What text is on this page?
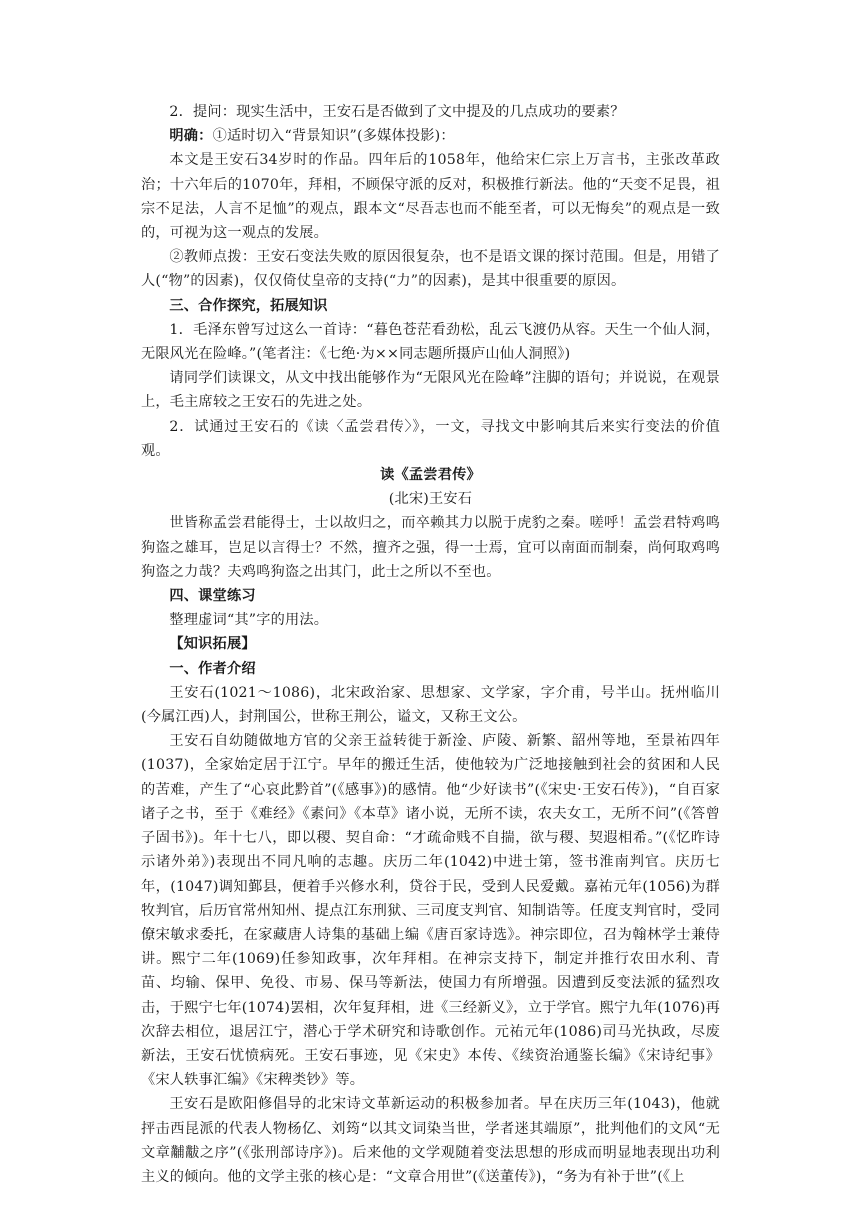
2．提问：现实生活中，王安石是否做到了文中提及的几点成功的要素？

明确：①适时切入“背景知识”(多媒体投影)：

本文是王安石34岁时的作品。四年后的1058年，他给宋仁宗上万言书，主张改革政治；十六年后的1070年，拜相，不顾保守派的反对，积极推行新法。他的“天变不足畏，祖宗不足法，人言不足恤”的观点，跟本文“尽吾志也而不能至者，可以无悔矣”的观点是一致的，可视为这一观点的发展。

②教师点拨：王安石变法失败的原因很复杂，也不是语文课的探讨范围。但是，用错了人(“物”的因素)，仅仅倚仗皇帝的支持(“力”的因素)，是其中很重要的原因。

三、合作探究，拓展知识

1．毛泽东曾写过这么一首诗：“暮色苍茫看劲松，乱云飞渡仍从容。天生一个仙人洞，无限风光在险峰。”(笔者注：《七绝·为××同志题所摄庐山仙人洞照》)

请同学们读课文，从文中找出能够作为“无限风光在险峰”注脚的语句；并说说，在观景上，毛主席较之王安石的先进之处。

2．试通过王安石的《读〈孟尝君传〉》，一文，寻找文中影响其后来实行变法的价值观。

读《孟尝君传》

(北宋)王安石

世皆称孟尝君能得士，士以故归之，而卒赖其力以脱于虎豹之秦。嗟呼！孟尝君特鸡鸣狗盗之雄耳，岂足以言得士？不然，擅齐之强，得一士焉，宜可以南面而制秦，尚何取鸡鸣狗盗之力哉？夫鸡鸣狗盗之出其门，此士之所以不至也。

四、课堂练习

整理虚词“其”字的用法。

【知识拓展】

一、作者介绍

王安石(1021～1086)，北宋政治家、思想家、文学家，字介甫，号半山。抚州临川(今属江西)人，封荆国公，世称王荆公，谥文，又称王文公。

王安石自幼随做地方官的父亲王益转徙于新淦、庐陵、新繁、韶州等地，至景祐四年(1037)，全家始定居于江宁。早年的搬迁生活，使他较为广泛地接触到社会的贫困和人民的苦难，产生了“心哀此黔首”(《感事》)的感情。他“少好读书”(《宋史·王安石传》)，“自百家诸子之书，至于《难经》《素问》《本草》诸小说，无所不读，农夫女工，无所不问”(《答曾子固书》)。年十七八，即以稷、契自命：“才疏命贱不自揣，欲与稷、契遐相希。”(《忆昨诗示诸外弟》)表现出不同凡响的志趣。庆历二年(1042)中进士第，签书淮南判官。庆历七年，(1047)调知鄞县，便着手兴修水利，贷谷于民，受到人民爱戴。嘉祐元年(1056)为群牧判官，后历官常州知州、提点江东刑狱、三司度支判官、知制诰等。任度支判官时，受同僚宋敏求委托，在家藏唐人诗集的基础上编《唐百家诗选》。神宗即位，召为翰林学士兼侍讲。熙宁二年(1069)任参知政事，次年拜相。在神宗支持下，制定并推行农田水利、青苗、均输、保甲、免役、市易、保马等新法，使国力有所增强。因遭到反变法派的猛烈攻击，于熙宁七年(1074)罢相，次年复拜相，进《三经新义》，立于学官。熙宁九年(1076)再次辞去相位，退居江宁，潜心于学术研究和诗歌创作。元祐元年(1086)司马光执政，尽废新法，王安石忧愤病死。王安石事迹，见《宋史》本传、《续资治通鉴长编》《宋诗纪事》《宋人轶事汇编》《宋稗类钞》等。

王安石是欧阳修倡导的北宋诗文革新运动的积极参加者。早在庆历三年(1043)，他就抨击西昆派的代表人物杨亿、刘筠“以其文词染当世，学者迷其端原”，批判他们的文风“无文章黼黻之序”(《张刑部诗序》)。后来他的文学观随着变法思想的形成而明显地表现出功利主义的倾向。他的文学主张的核心是：“文章合用世”(《送董传》)，“务为有补于世”(《上
